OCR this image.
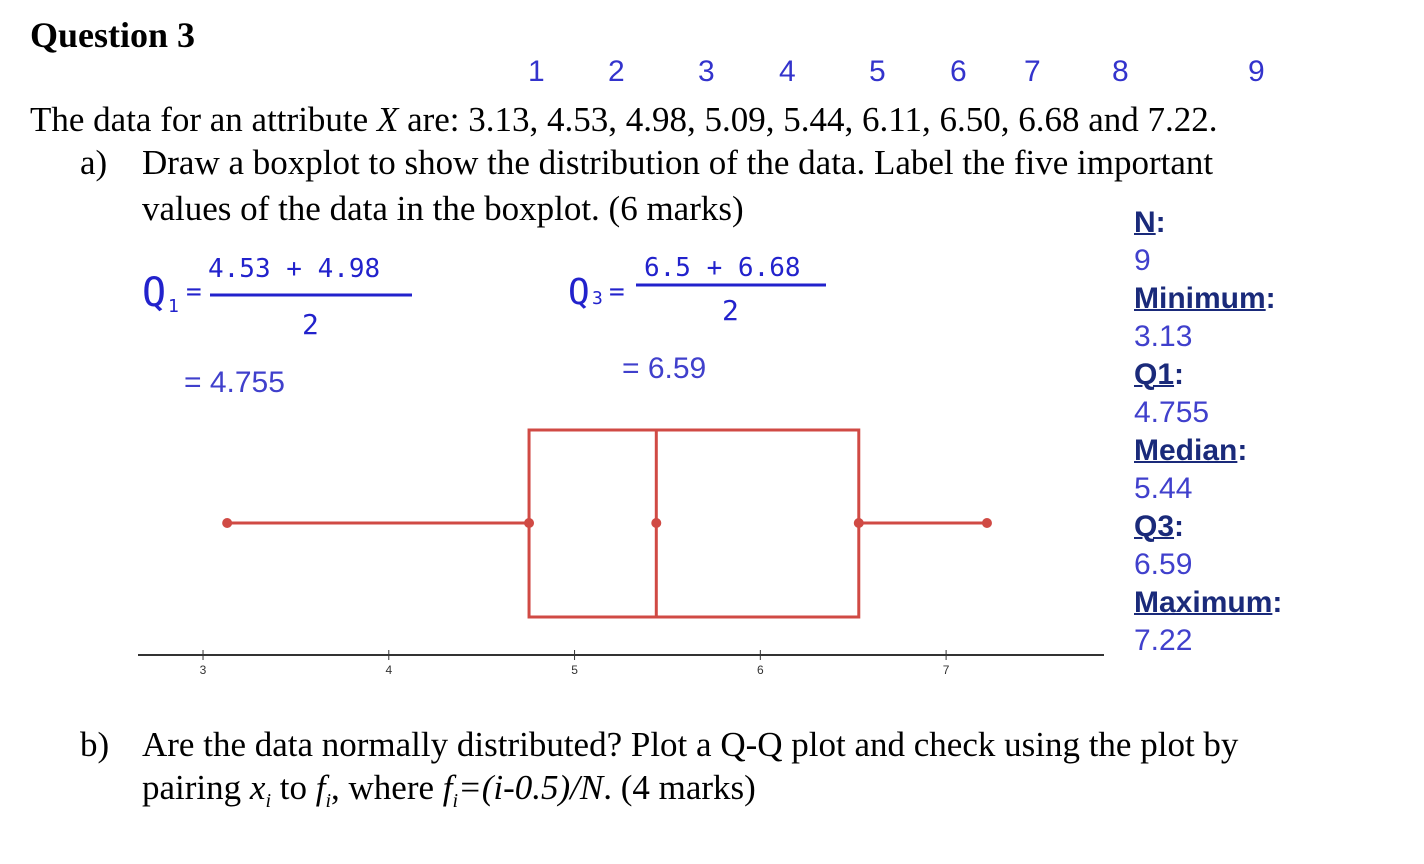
Question 3
1 2 3 4 5 6 7 8	9
The data for an attribute X are: 3.13, 4.53, 4.98, 5.09, 5.44, 6.11, 6.50, 6.68 and 7.22.
a) Draw a boxplot to show the distribution of the data. Label the five important
values of the data in the boxplot. (6 marks)	N:
9
Minimum:
3.13
Q1:
4.755
Median:
5.44
Q3:
6.59
Maximum:
7.22
Q 1 =
4.53 + 4.98
2
Q 3 =
6.5 + 6.68
2
= 4.755	= 6.59
3	4	5	6	7
b) Are the data normally distributed? Plot a Q-Q plot and check using the plot by
pairing $x_i$ to $f_i$, where $f_i=(i-0.5)/N$. (4 marks)
